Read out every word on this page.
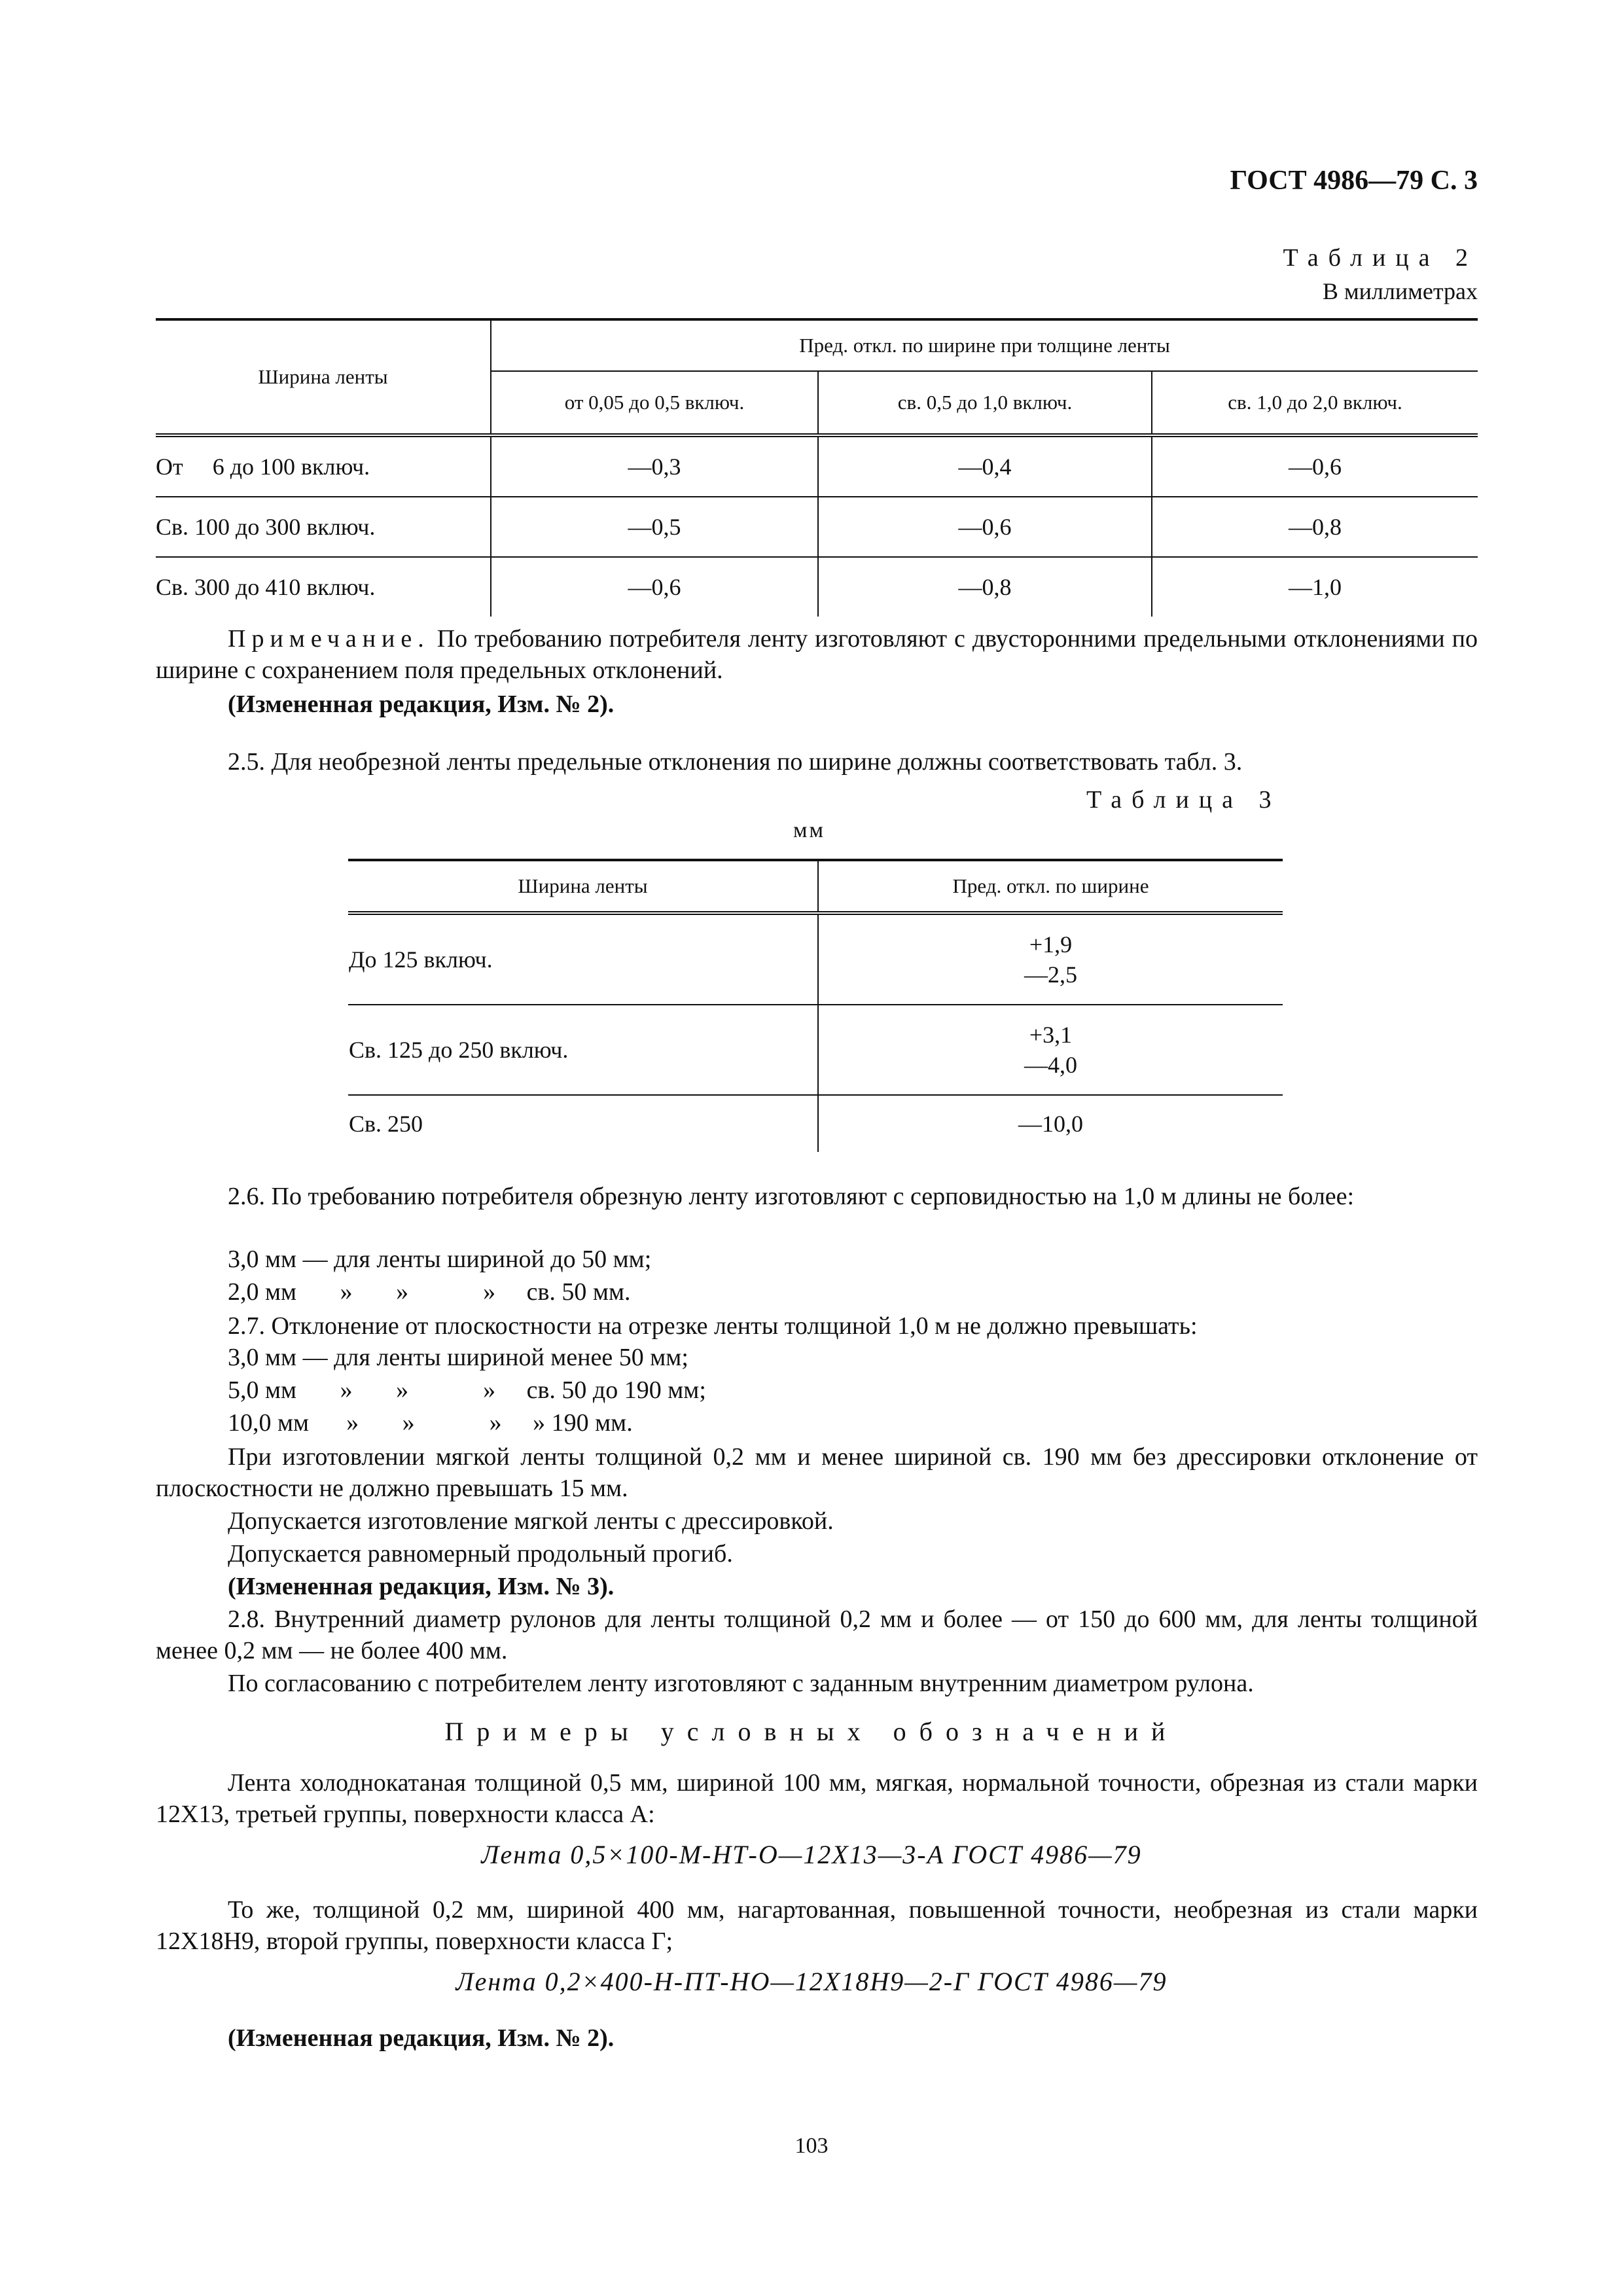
ГОСТ 4986—79 С. 3
Таблица 2
В миллиметрах
Ширина ленты	Пред. откл. по ширине при толщине ленты		
	от 0,05 до 0,5 включ.	св. 0,5 до 1,0 включ.	св. 1,0 до 2,0 включ.
От     6 до 100 включ.	—0,3	—0,4	—0,6
Св. 100 до 300 включ.	—0,5	—0,6	—0,8
Св. 300 до 410 включ.	—0,6	—0,8	—1,0
Примечание. По требованию потребителя ленту изготовляют с двусторонними предельными отклонениями по ширине с сохранением поля предельных отклонений.
(Измененная редакция, Изм. № 2).
2.5. Для необрезной ленты предельные отклонения по ширине должны соответствовать табл. 3.
Таблица 3
мм
Ширина ленты	Пред. откл. по ширине
До 125 включ.	+1,9
—2,5

Св. 125 до 250 включ.	+3,1
—4,0

Св. 250	—10,0
2.6. По требованию потребителя обрезную ленту изготовляют с серповидностью на 1,0 м длины не более:
3,0 мм — для ленты шириной до 50 мм;
2,0 мм       »       »            »     св. 50 мм.
2.7. Отклонение от плоскостности на отрезке ленты толщиной 1,0 м не должно превышать:
3,0 мм — для ленты шириной менее 50 мм;
5,0 мм       »       »            »     св. 50 до 190 мм;
10,0 мм      »       »            »     » 190 мм.
При изготовлении мягкой ленты толщиной 0,2 мм и менее шириной св. 190 мм без дрессировки отклонение от плоскостности не должно превышать 15 мм.
Допускается изготовление мягкой ленты с дрессировкой.
Допускается равномерный продольный прогиб.
(Измененная редакция, Изм. № 3).
2.8. Внутренний диаметр рулонов для ленты толщиной 0,2 мм и более — от 150 до 600 мм, для ленты толщиной менее 0,2 мм — не более 400 мм.
По согласованию с потребителем ленту изготовляют с заданным внутренним диаметром рулона.
Примеры условных обозначений
Лента холоднокатаная толщиной 0,5 мм, шириной 100 мм, мягкая, нормальной точности, обрезная из стали марки 12Х13, третьей группы, поверхности класса А:
Лента 0,5×100-М-НТ-О—12Х13—3-А ГОСТ 4986—79
То же, толщиной 0,2 мм, шириной 400 мм, нагартованная, повышенной точности, необрезная из стали марки 12Х18Н9, второй группы, поверхности класса Г;
Лента 0,2×400-Н-ПТ-НО—12Х18Н9—2-Г ГОСТ 4986—79
(Измененная редакция, Изм. № 2).
103
